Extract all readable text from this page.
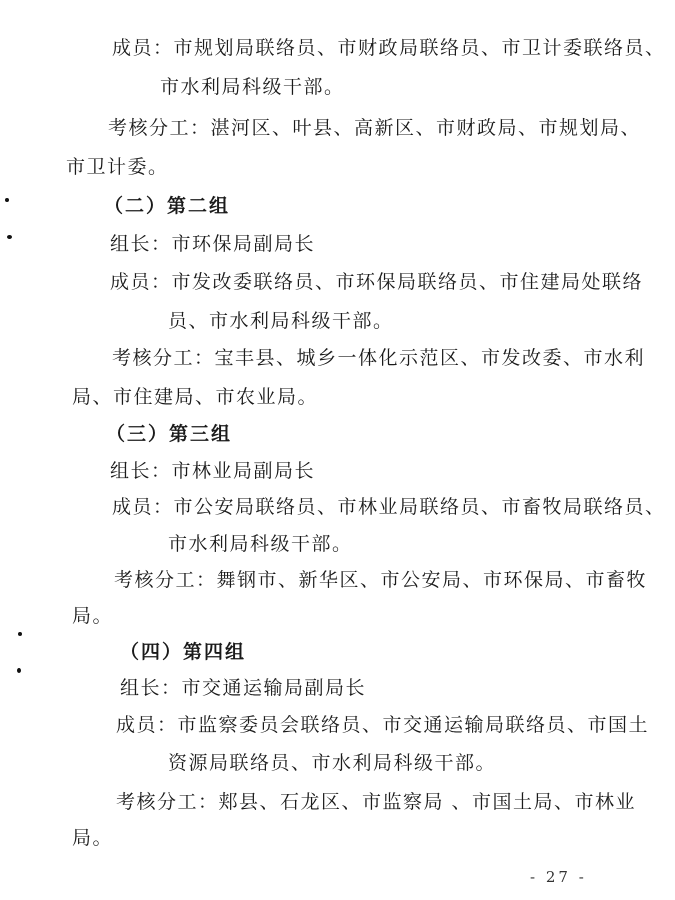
成员：市规划局联络员、市财政局联络员、市卫计委联络员、
市水利局科级干部。
考核分工：湛河区、叶县、高新区、市财政局、市规划局、
市卫计委。
（二）第二组
组长：市环保局副局长
成员：市发改委联络员、市环保局联络员、市住建局处联络
员、市水利局科级干部。
考核分工：宝丰县、城乡一体化示范区、市发改委、市水利
局、市住建局、市农业局。
（三）第三组
组长：市林业局副局长
成员：市公安局联络员、市林业局联络员、市畜牧局联络员、
市水利局科级干部。
考核分工：舞钢市、新华区、市公安局、市环保局、市畜牧
局。
（四）第四组
组长：市交通运输局副局长
成员：市监察委员会联络员、市交通运输局联络员、市国土
资源局联络员、市水利局科级干部。
考核分工：郏县、石龙区、市监察局 、市国土局、市林业
局。
- 27 -
